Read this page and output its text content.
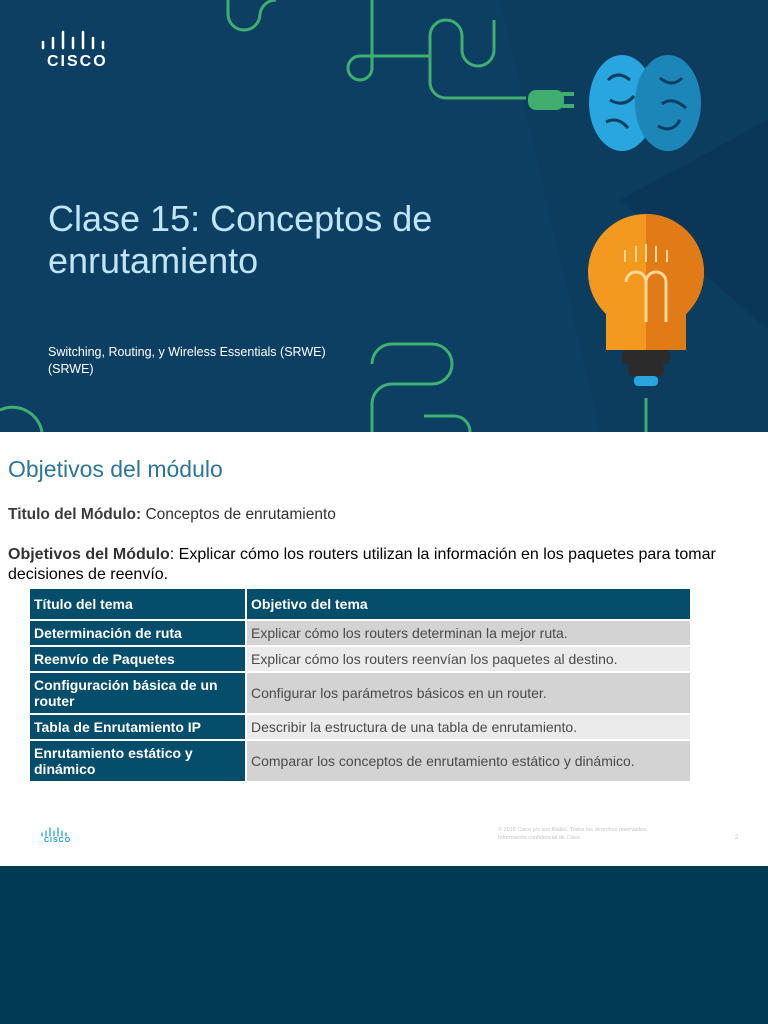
CISCO
Clase 15: Conceptos de enrutamiento
Switching, Routing, y Wireless Essentials (SRWE)
(SRWE)
Objetivos del módulo
Titulo del Módulo: Conceptos de enrutamiento
Objetivos del Módulo: Explicar cómo los routers utilizan la información en los paquetes para tomar decisiones de reenvío.
Título del tema	Objetivo del tema
Determinación de ruta	Explicar cómo los routers determinan la mejor ruta.
Reenvío de Paquetes	Explicar cómo los routers reenvían los paquetes al destino.
Configuración básica de un router	Configurar los parámetros básicos en un router.
Tabla de Enrutamiento IP	Describir la estructura de una tabla de enrutamiento.
Enrutamiento estático y dinámico	Comparar los conceptos de enrutamiento estático y dinámico.
CISCO
© 2016 Cisco y/o sus filiales. Todos los derechos reservados.
Información confidencial de Cisco	2
